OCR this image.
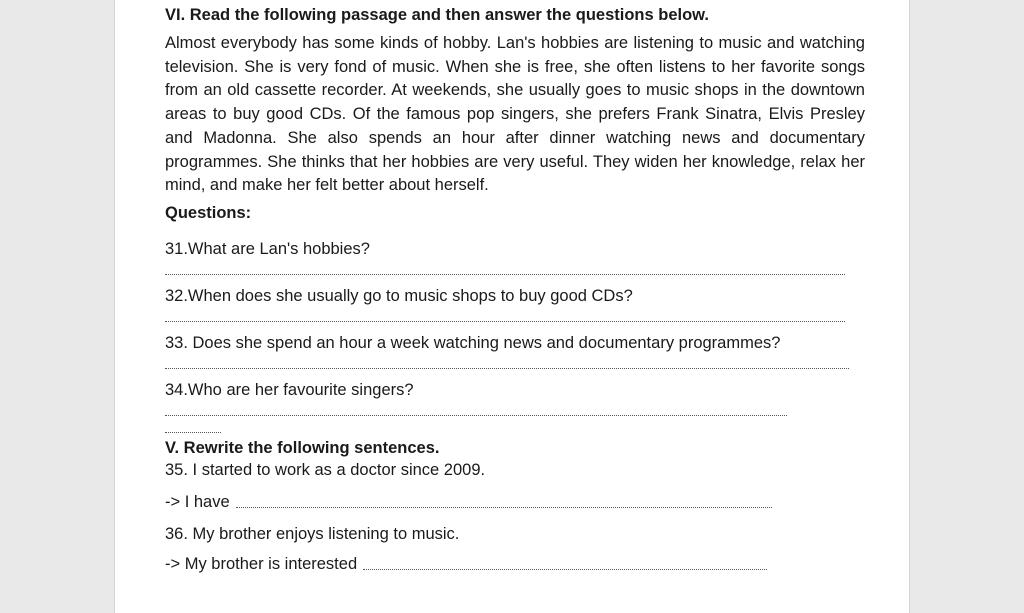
VI. Read the following passage and then answer the questions below.

Almost everybody has some kinds of hobby. Lan's hobbies are listening to music and watching television. She is very fond of music. When she is free, she often listens to her favorite songs from an old cassette recorder. At weekends, she usually goes to music shops in the downtown areas to buy good CDs. Of the famous pop singers, she prefers Frank Sinatra, Elvis Presley and Madonna. She also spends an hour after dinner watching news and documentary programmes. She thinks that her hobbies are very useful. They widen her knowledge, relax her mind, and make her felt better about herself.

Questions:

31.What are Lan's hobbies?

32.When does she usually go to music shops to buy good CDs?

33. Does she spend an hour a week watching news and documentary programmes?

34.Who are her favourite singers?

V. Rewrite the following sentences.

35. I started to work as a doctor since 2009.

-> I have

36. My brother enjoys listening to music.

-> My brother is interested
